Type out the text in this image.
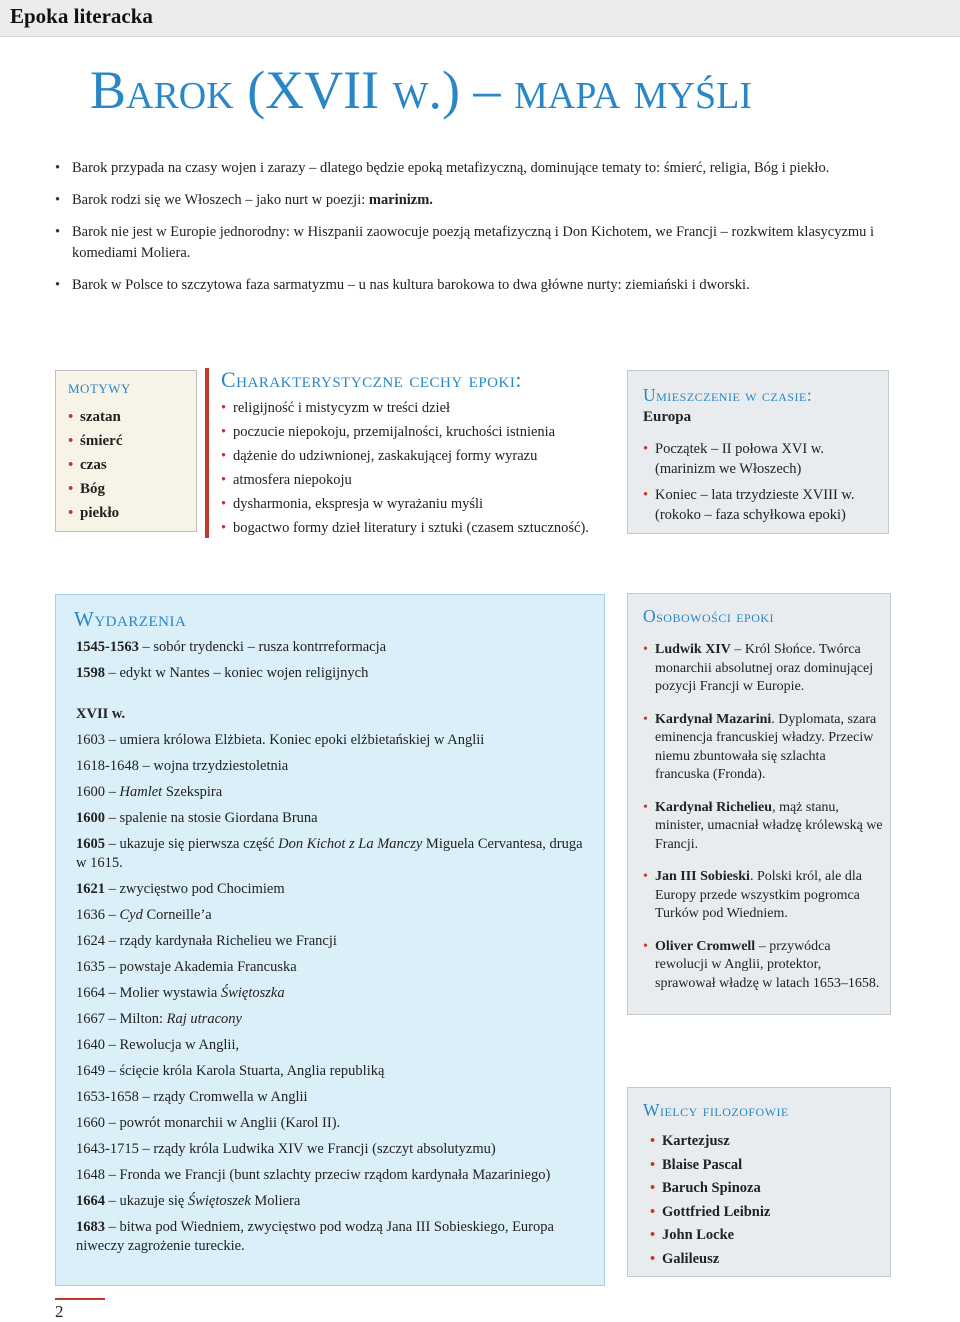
Epoka literacka
Barok (XVII w.) – mapa myśli
• Barok przypada na czasy wojen i zarazy – dlatego będzie epoką metafizyczną, dominujące tematy to: śmierć, religia, Bóg i piekło.
• Barok rodzi się we Włoszech – jako nurt w poezji: marinizm.
• Barok nie jest w Europie jednorodny: w Hiszpanii zaowocuje poezją metafizyczną i Don Kichotem, we Francji – rozkwitem klasycyzmu i komediami Moliera.
• Barok w Polsce to szczytowa faza sarmatyzmu – u nas kultura barokowa to dwa główne nurty: ziemiański i dworski.
motywy
• szatan
• śmierć
• czas
• Bóg
• piekło
Charakterystyczne cechy epoki:
• religijność i mistycyzm w treści dzieł
• poczucie niepokoju, przemijalności, kruchości istnienia
• dążenie do udziwnionej, zaskakującej formy wyrazu
• atmosfera niepokoju
• dysharmonia, ekspresja w wyrażaniu myśli
• bogactwo formy dzieł literatury i sztuki (czasem sztuczność).
Umieszczenie w czasie:
Europa
• Początek – II połowa XVI w. (marinizm we Włoszech)
• Koniec – lata trzydzieste XVIII w. (rokoko – faza schyłkowa epoki)
Wydarzenia

1545-1563 – sobór trydencki – rusza kontrreformacja

1598 – edykt w Nantes – koniec wojen religijnych

XVII w.

1603 – umiera królowa Elżbieta. Koniec epoki elżbietańskiej w Anglii

1618-1648 – wojna trzydziestoletnia

1600 – Hamlet Szekspira

1600 – spalenie na stosie Giordana Bruna

1605 – ukazuje się pierwsza część Don Kichot z La Manczy Miguela Cervantesa, druga w 1615.

1621 – zwycięstwo pod Chocimiem

1636 – Cyd Corneille’a

1624 – rządy kardynała Richelieu we Francji

1635 – powstaje Akademia Francuska

1664 – Molier wystawia Świętoszka

1667 – Milton: Raj utracony

1640 – Rewolucja w Anglii,

1649 – ścięcie króla Karola Stuarta, Anglia republiką

1653-1658 – rządy Cromwella w Anglii

1660 – powrót monarchii w Anglii (Karol II).

1643-1715 – rządy króla Ludwika XIV we Francji (szczyt absolutyzmu)

1648 – Fronda we Francji (bunt szlachty przeciw rządom kardynała Mazariniego)

1664 – ukazuje się Świętoszek Moliera

1683 – bitwa pod Wiedniem, zwycięstwo pod wodzą Jana III Sobieskiego, Europa niweczy zagrożenie tureckie.

Osobowości epoki
• Ludwik XIV – Król Słońce. Twórca monarchii absolutnej oraz dominującej pozycji Francji w Europie.
• Kardynał Mazarini. Dyplomata, szara eminencja francuskiej władzy. Przeciw niemu zbuntowała się szlachta francuska (Fronda).
• Kardynał Richelieu, mąż stanu, minister, umacniał władzę królewską we Francji.
• Jan III Sobieski. Polski król, ale dla Europy przede wszystkim pogromca Turków pod Wiedniem.
• Oliver Cromwell – przywódca rewolucji w Anglii, protektor, sprawował władzę w latach 1653–1658.
Wielcy filozofowie
• Kartezjusz
• Blaise Pascal
• Baruch Spinoza
• Gottfried Leibniz
• John Locke
• Galileusz
2
